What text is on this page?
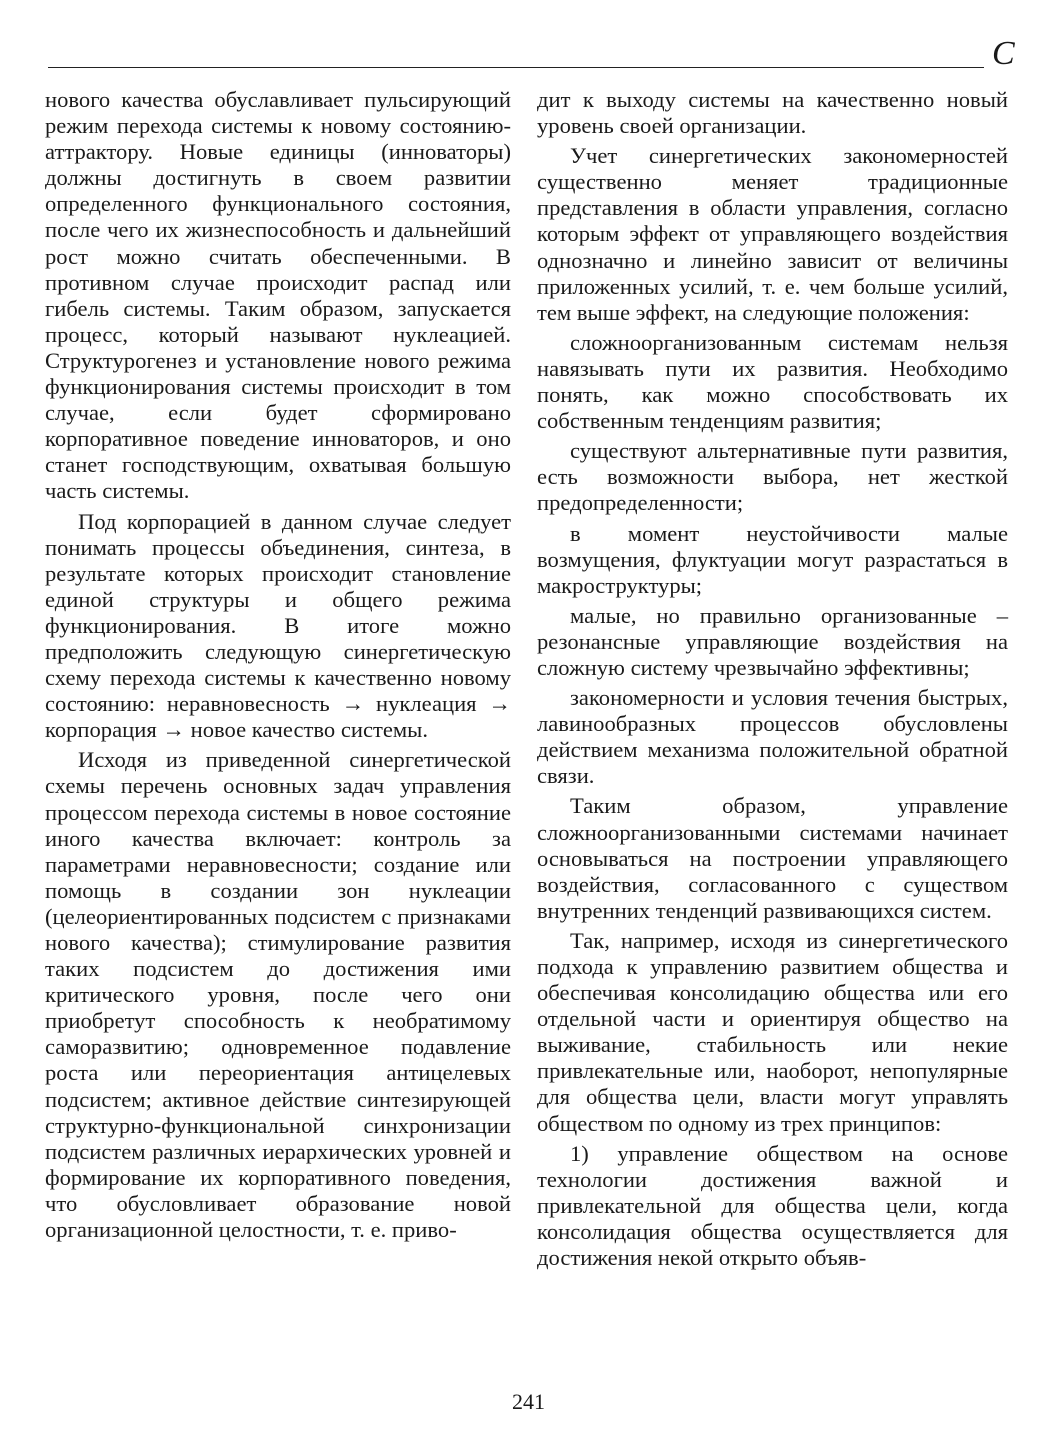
С

нового качества обуславливает пульсирующий режим перехода системы к новому состоянию-аттрактору. Новые единицы (инноваторы) должны достигнуть в своем развитии определенного функционального состояния, после чего их жизнеспособность и дальнейший рост можно считать обеспеченными. В противном случае происходит распад или гибель системы. Таким образом, запускается процесс, который называют нуклеацией. Структурогенез и установление нового режима функционирования системы происходит в том случае, если будет сформировано корпоративное поведение инноваторов, и оно станет господствующим, охватывая большую часть системы.

Под корпорацией в данном случае следует понимать процессы объединения, синтеза, в результате которых происходит становление единой структуры и общего режима функционирования. В итоге можно предположить следующую синергетическую схему перехода системы к качественно новому состоянию: неравновесность → нуклеация → корпорация → новое качество системы.

Исходя из приведенной синергетической схемы перечень основных задач управления процессом перехода системы в новое состояние иного качества включает: контроль за параметрами неравновесности; создание или помощь в создании зон нуклеации (целеориентированных подсистем с признаками нового качества); стимулирование развития таких подсистем до достижения ими критического уровня, после чего они приобретут способность к необратимому саморазвитию; одновременное подавление роста или переориентация антицелевых подсистем; активное действие синтезирующей структурно-функциональной синхронизации подсистем различных иерархических уровней и формирование их корпоративного поведения, что обусловливает образование новой организационной целостности, т. е. приво-

дит к выходу системы на качественно новый уровень своей организации.

Учет синергетических закономерностей существенно меняет традиционные представления в области управления, согласно которым эффект от управляющего воздействия однозначно и линейно зависит от величины приложенных усилий, т. е. чем больше усилий, тем выше эффект, на следующие положения:

сложноорганизованным системам нельзя навязывать пути их развития. Необходимо понять, как можно способствовать их собственным тенденциям развития;

существуют альтернативные пути развития, есть возможности выбора, нет жесткой предопределенности;

в момент неустойчивости малые возмущения, флуктуации могут разрастаться в макроструктуры;

малые, но правильно организованные – резонансные управляющие воздействия на сложную систему чрезвычайно эффективны;

закономерности и условия течения быстрых, лавинообразных процессов обусловлены действием механизма положительной обратной связи.

Таким образом, управление сложноорганизованными системами начинает основываться на построении управляющего воздействия, согласованного с существом внутренних тенденций развивающихся систем.

Так, например, исходя из синергетического подхода к управлению развитием общества и обеспечивая консолидацию общества или его отдельной части и ориентируя общество на выживание, стабильность или некие привлекательные или, наоборот, непопулярные для общества цели, власти могут управлять обществом по одному из трех принципов:

1) управление обществом на основе технологии достижения важной и привлекательной для общества цели, когда консолидация общества осуществляется для достижения некой открыто объяв-

241
